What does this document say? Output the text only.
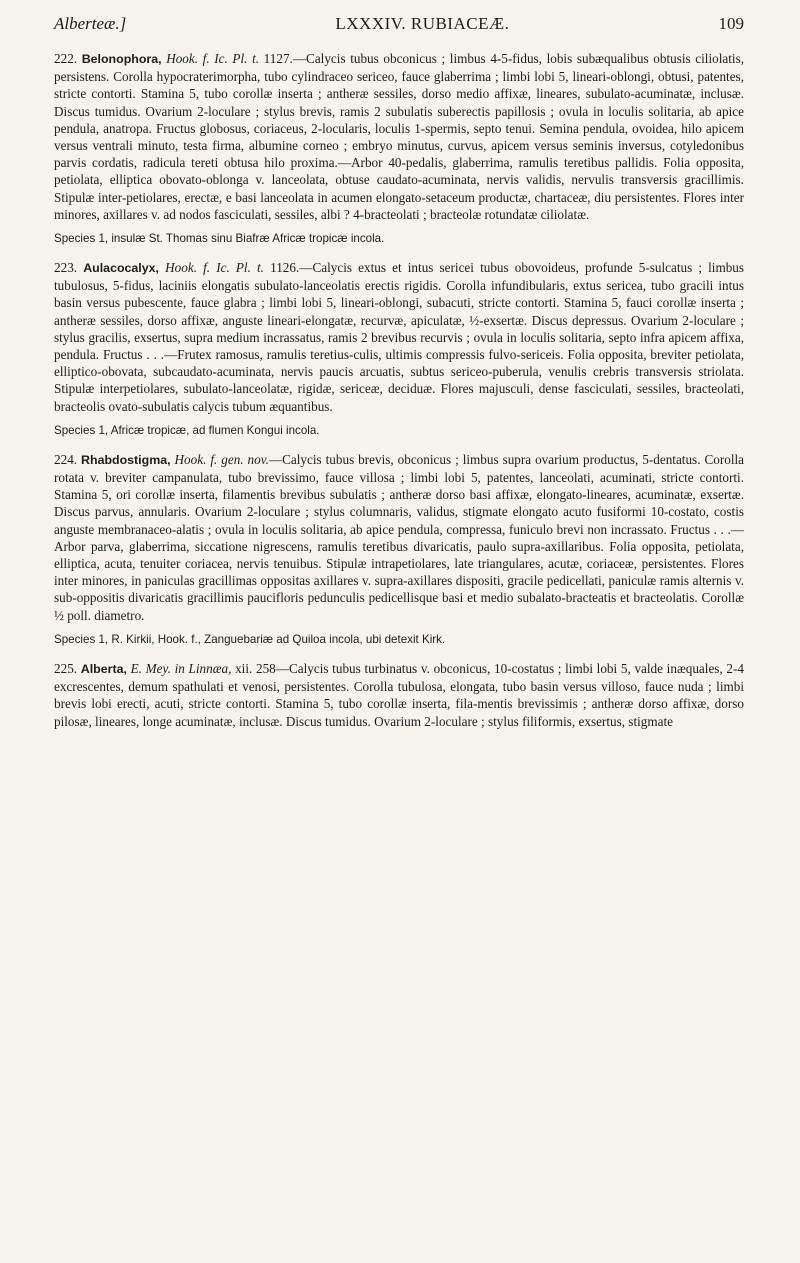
Alberteæ.]	LXXXIV. RUBIACEÆ.	109

222. Belonophora, Hook. f. Ic. Pl. t. 1127.—Calycis tubus obconicus ; limbus 4-5-fidus, lobis subæqualibus obtusis ciliolatis, persistens. Corolla hypocraterimorpha, tubo cylindraceo sericeo, fauce glaberrima ; limbi lobi 5, lineari-oblongi, obtusi, patentes, stricte contorti. Stamina 5, tubo corollæ inserta ; antheræ sessiles, dorso medio affixæ, lineares, subulato-acuminatæ, inclusæ. Discus tumidus. Ovarium 2-loculare ; stylus brevis, ramis 2 subulatis suberectis papillosis ; ovula in loculis solitaria, ab apice pendula, anatropa. Fructus globosus, coriaceus, 2-locularis, loculis 1-spermis, septo tenui. Semina pendula, ovoidea, hilo apicem versus ventrali minuto, testa firma, albumine corneo ; embryo minutus, curvus, apicem versus seminis inversus, cotyledonibus parvis cordatis, radicula tereti obtusa hilo proxima.—Arbor 40-pedalis, glaberrima, ramulis teretibus pallidis. Folia opposita, petiolata, elliptica obovato-oblonga v. lanceolata, obtuse caudato-acuminata, nervis validis, nervulis transversis gracillimis. Stipulæ inter-petiolares, erectæ, e basi lanceolata in acumen elongato-setaceum productæ, chartaceæ, diu persistentes. Flores inter minores, axillares v. ad nodos fasciculati, sessiles, albi ? 4-bracteolati ; bracteolæ rotundatæ ciliolatæ.

Species 1, insulæ St. Thomas sinu Biafræ Africæ tropicæ incola.

223. Aulacocalyx, Hook. f. Ic. Pl. t. 1126.—Calycis extus et intus sericei tubus obovoideus, profunde 5-sulcatus ; limbus tubulosus, 5-fidus, laciniis elongatis subulato-lanceolatis erectis rigidis. Corolla infundibularis, extus sericea, tubo gracili intus basin versus pubescente, fauce glabra ; limbi lobi 5, lineari-oblongi, subacuti, stricte contorti. Stamina 5, fauci corollæ inserta ; antheræ sessiles, dorso affixæ, anguste lineari-elongatæ, recurvæ, apiculatæ, ½-exsertæ. Discus depressus. Ovarium 2-loculare ; stylus gracilis, exsertus, supra medium incrassatus, ramis 2 brevibus recurvis ; ovula in loculis solitaria, septo infra apicem affixa, pendula. Fructus . . .—Frutex ramosus, ramulis teretius-culis, ultimis compressis fulvo-sericeis. Folia opposita, breviter petiolata, elliptico-obovata, subcaudato-acuminata, nervis paucis arcuatis, subtus sericeo-puberula, venulis crebris transversis striolata. Stipulæ interpetiolares, subulato-lanceolatæ, rigidæ, sericeæ, deciduæ. Flores majusculi, dense fasciculati, sessiles, bracteolati, bracteolis ovato-subulatis calycis tubum æquantibus.

Species 1, Africæ tropicæ, ad flumen Kongui incola.

224. Rhabdostigma, Hook. f. gen. nov.—Calycis tubus brevis, obconicus ; limbus supra ovarium productus, 5-dentatus. Corolla rotata v. breviter campanulata, tubo brevissimo, fauce villosa ; limbi lobi 5, patentes, lanceolati, acuminati, stricte contorti. Stamina 5, ori corollæ inserta, filamentis brevibus subulatis ; antheræ dorso basi affixæ, elongato-lineares, acuminatæ, exsertæ. Discus parvus, annularis. Ovarium 2-loculare ; stylus columnaris, validus, stigmate elongato acuto fusiformi 10-costato, costis anguste membranaceo-alatis ; ovula in loculis solitaria, ab apice pendula, compressa, funiculo brevi non incrassato. Fructus . . .—Arbor parva, glaberrima, siccatione nigrescens, ramulis teretibus divaricatis, paulo supra-axillaribus. Folia opposita, petiolata, elliptica, acuta, tenuiter coriacea, nervis tenuibus. Stipulæ intrapetiolares, late triangulares, acutæ, coriaceæ, persistentes. Flores inter minores, in paniculas gracillimas oppositas axillares v. supra-axillares dispositi, gracile pedicellati, paniculæ ramis alternis v. sub-oppositis divaricatis gracillimis paucifloris pedunculis pedicellisque basi et medio subalato-bracteatis et bracteolatis. Corollæ ½ poll. diametro.

Species 1, R. Kirkii, Hook. f., Zanguebariæ ad Quiloa incola, ubi detexit Kirk.

225. Alberta, E. Mey. in Linnæa, xii. 258—Calycis tubus turbinatus v. obconicus, 10-costatus ; limbi lobi 5, valde inæquales, 2-4 excrescentes, demum spathulati et venosi, persistentes. Corolla tubulosa, elongata, tubo basin versus villoso, fauce nuda ; limbi brevis lobi erecti, acuti, stricte contorti. Stamina 5, tubo corollæ inserta, fila-mentis brevissimis ; antheræ dorso affixæ, dorso pilosæ, lineares, longe acuminatæ, inclusæ. Discus tumidus. Ovarium 2-loculare ; stylus filiformis, exsertus, stigmate
